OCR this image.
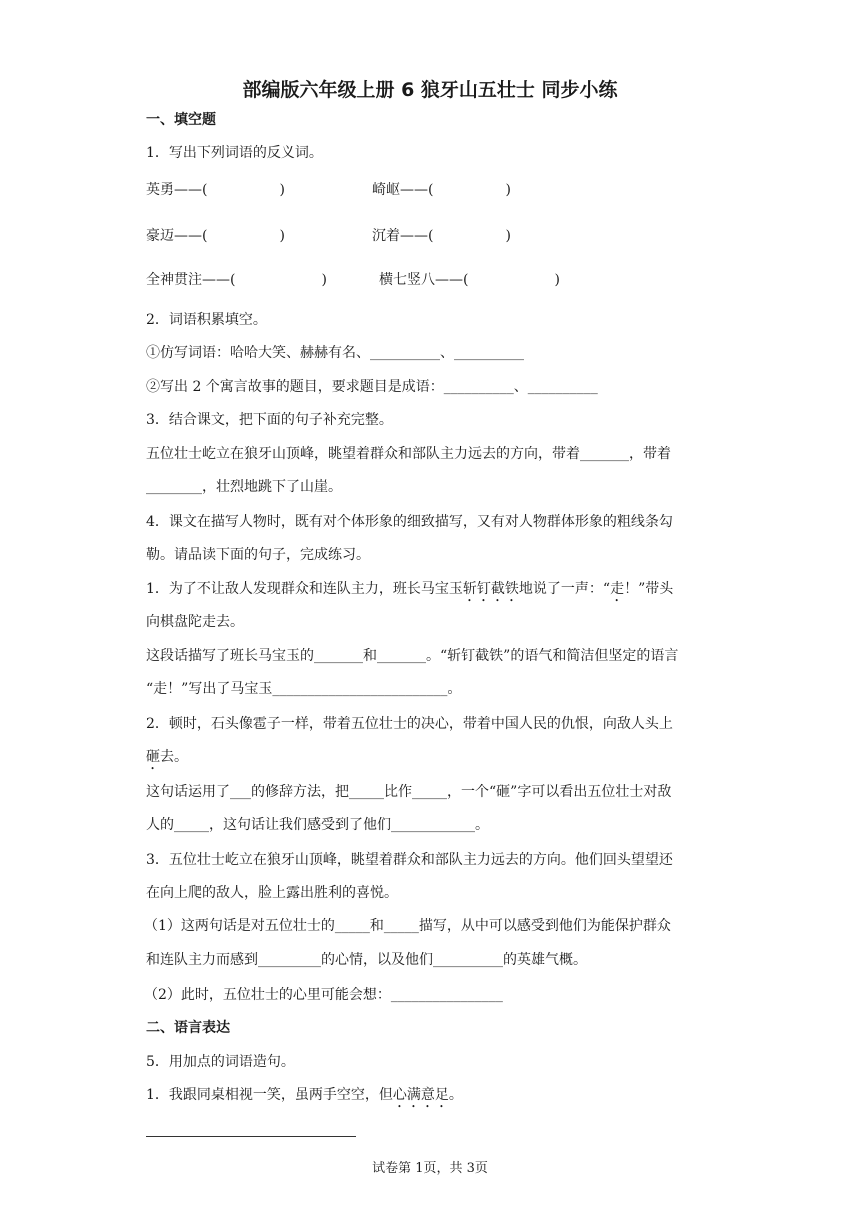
部编版六年级上册 6 狼牙山五壮士 同步小练
一、填空题
1．写出下列词语的反义词。
英勇——(	)	崎岖——(	)
豪迈——(	)	沉着——(	)
全神贯注——(	)	横七竖八——(	)
2．词语积累填空。
①仿写词语：哈哈大笑、赫赫有名、__________、__________
②写出 2 个寓言故事的题目，要求题目是成语：__________、__________
3．结合课文，把下面的句子补充完整。
五位壮士屹立在狼牙山顶峰，眺望着群众和部队主力远去的方向，带着_______，带着
________，壮烈地跳下了山崖。
4．课文在描写人物时，既有对个体形象的细致描写，又有对人物群体形象的粗线条勾
勒。请品读下面的句子，完成练习。
1．为了不让敌人发现群众和连队主力，班长马宝玉斩钉截铁地说了一声：“走！”带头
向棋盘陀走去。
这段话描写了班长马宝玉的_______和_______。“斩钉截铁”的语气和简洁但坚定的语言
“走！”写出了马宝玉_________________________。
2．顿时，石头像雹子一样，带着五位壮士的决心，带着中国人民的仇恨，向敌人头上
砸去。
这句话运用了___的修辞方法，把_____比作_____，一个“砸”字可以看出五位壮士对敌
人的_____，这句话让我们感受到了他们____________。
3．五位壮士屹立在狼牙山顶峰，眺望着群众和部队主力远去的方向。他们回头望望还
在向上爬的敌人，脸上露出胜利的喜悦。
（1）这两句话是对五位壮士的_____和_____描写，从中可以感受到他们为能保护群众
和连队主力而感到_________的心情，以及他们__________的英雄气概。
（2）此时，五位壮士的心里可能会想：________________
二、语言表达
5．用加点的词语造句。
1．我跟同桌相视一笑，虽两手空空，但心满意足。
试卷第 1页，共 3页
